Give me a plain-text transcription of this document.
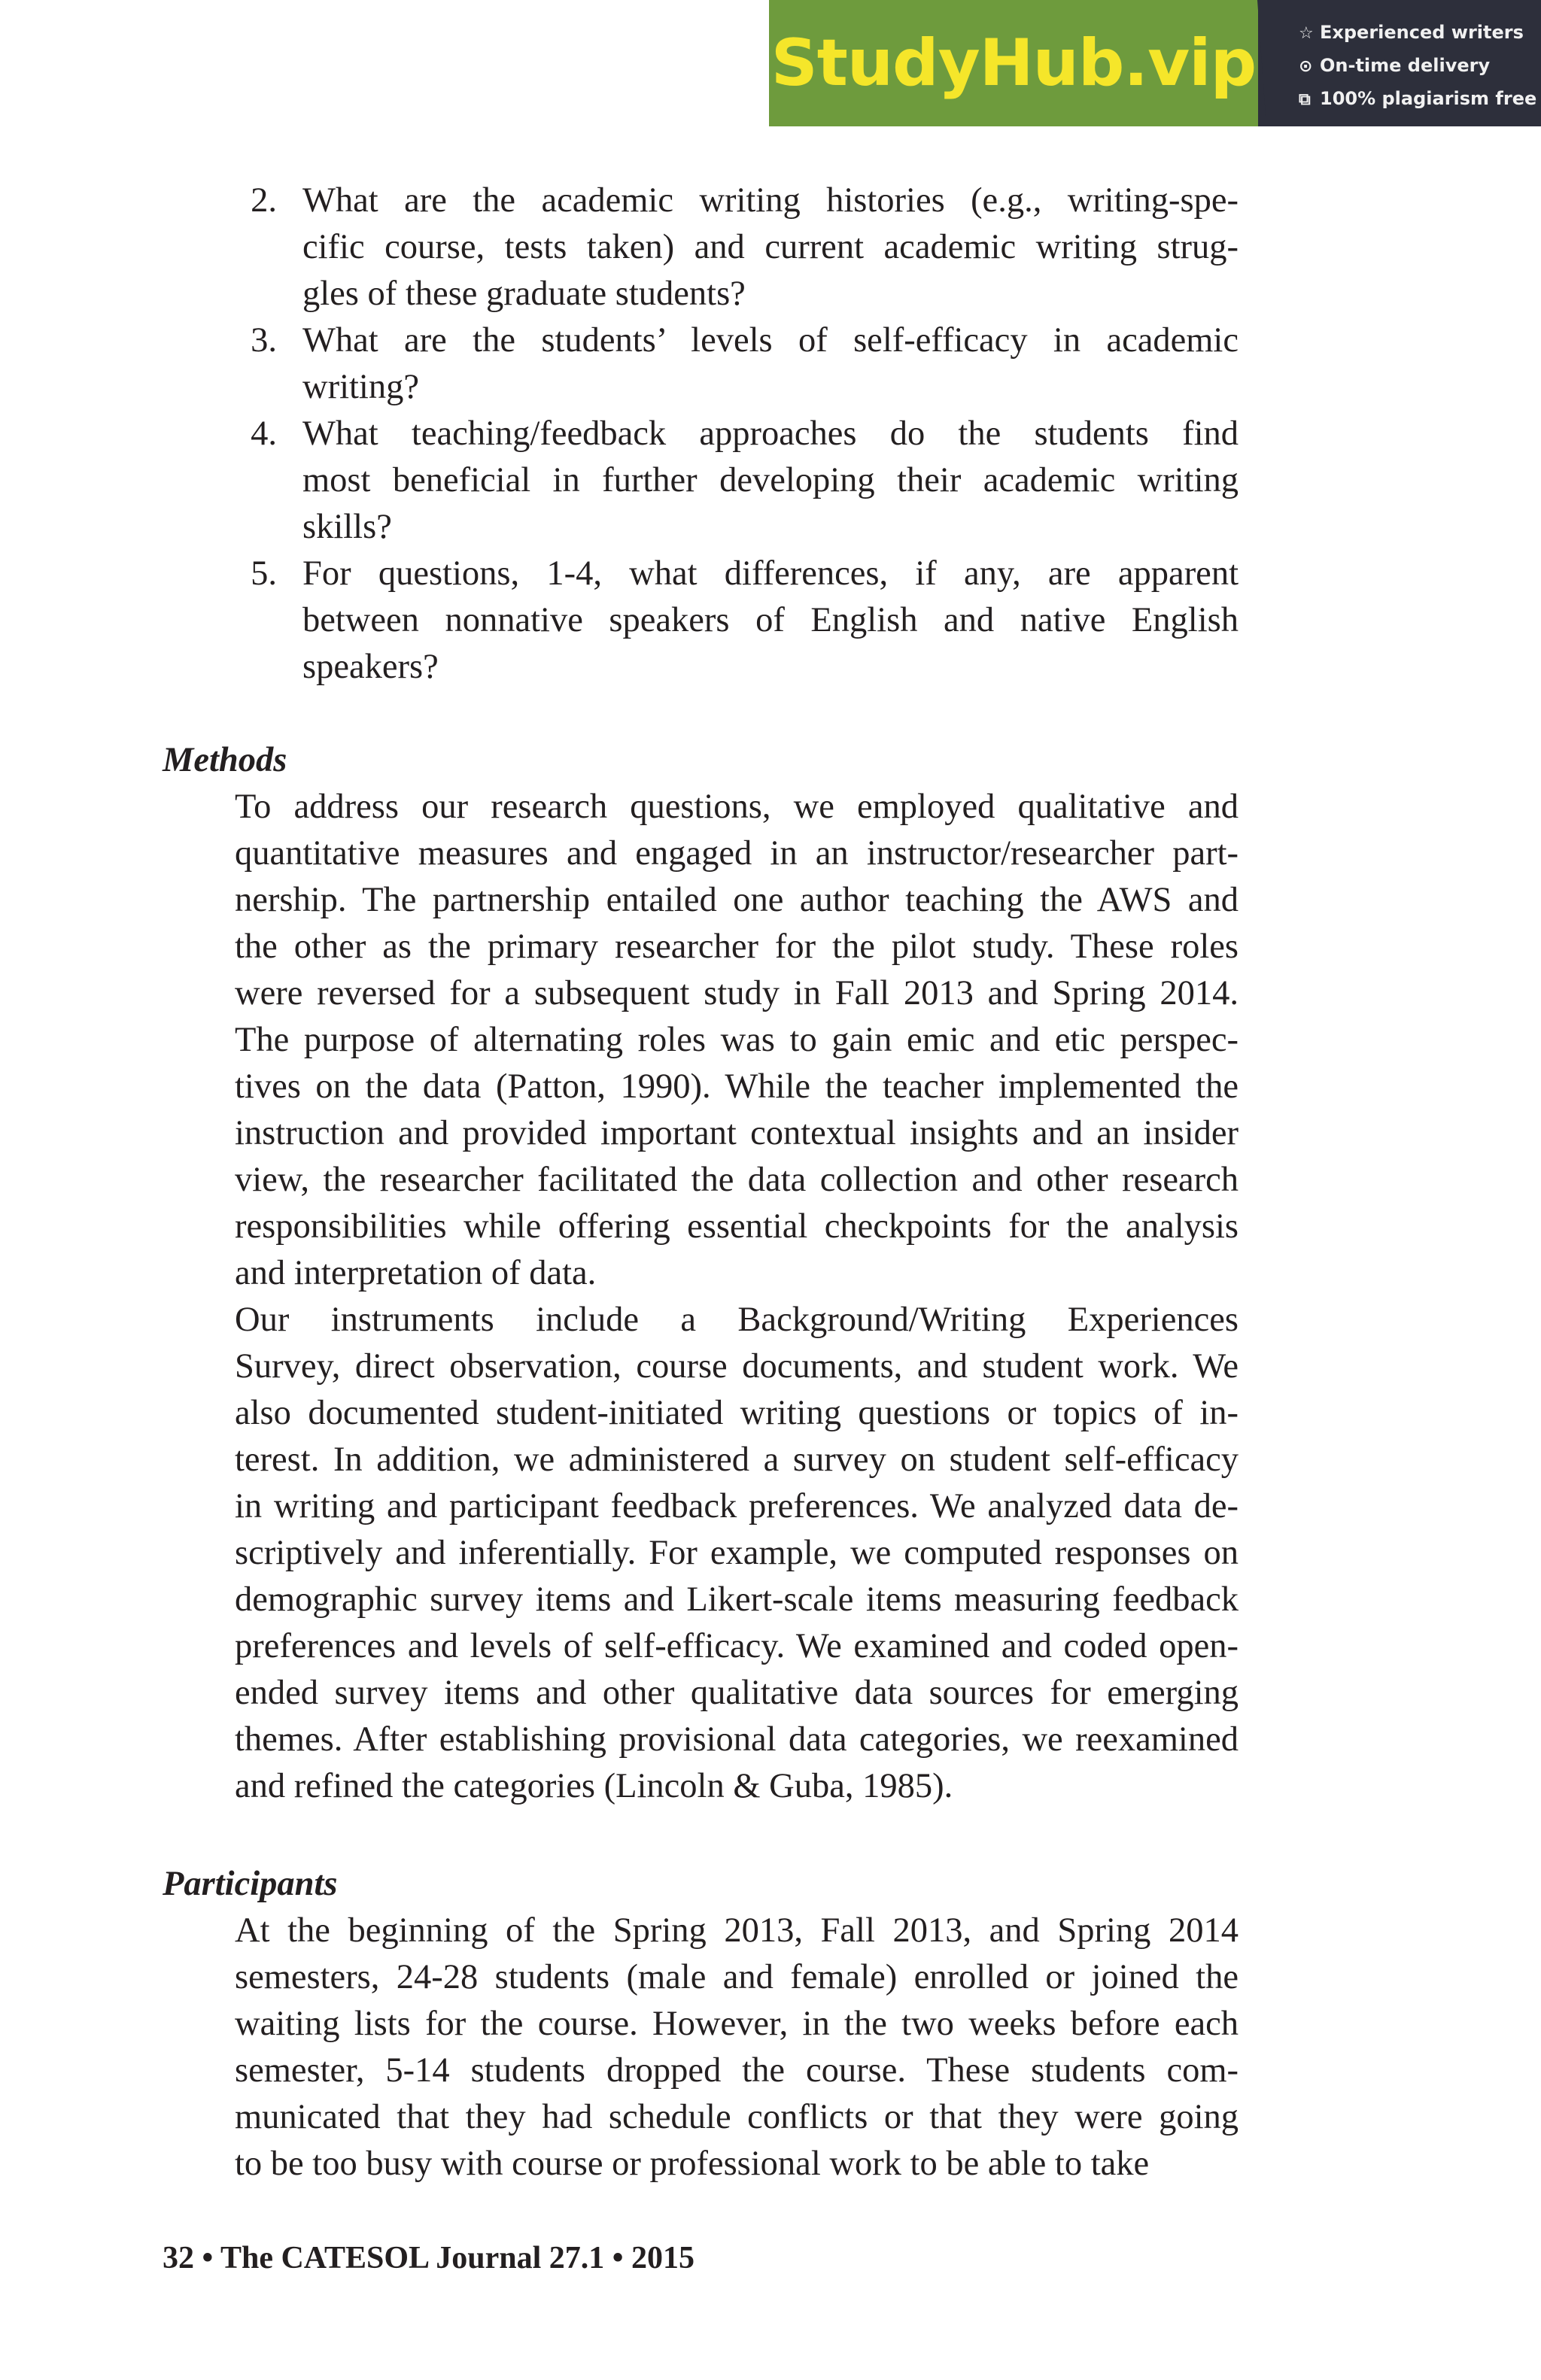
StudyHub.vip	☆ Experienced writers
⊙ On-time delivery
⧉ 100% plagiarism free
2. What are the academic writing histories (e.g., writing-spe-
cific course, tests taken) and current academic writing strug-
gles of these graduate students?
3. What are the students’ levels of self-efficacy in academic
writing?
4. What teaching/feedback approaches do the students find
most beneficial in further developing their academic writing
skills?
5. For questions, 1-4, what differences, if any, are apparent
between nonnative speakers of English and native English
speakers?
Methods
To address our research questions, we employed qualitative and
quantitative measures and engaged in an instructor/researcher part-
nership. The partnership entailed one author teaching the AWS and
the other as the primary researcher for the pilot study. These roles
were reversed for a subsequent study in Fall 2013 and Spring 2014.
The purpose of alternating roles was to gain emic and etic perspec-
tives on the data (Patton, 1990). While the teacher implemented the
instruction and provided important contextual insights and an insider
view, the researcher facilitated the data collection and other research
responsibilities while offering essential checkpoints for the analysis
and interpretation of data.
Our instruments include a Background/Writing Experiences
Survey, direct observation, course documents, and student work. We
also documented student-initiated writing questions or topics of in-
terest. In addition, we administered a survey on student self-efficacy
in writing and participant feedback preferences. We analyzed data de-
scriptively and inferentially. For example, we computed responses on
demographic survey items and Likert-scale items measuring feedback
preferences and levels of self-efficacy. We examined and coded open-
ended survey items and other qualitative data sources for emerging
themes. After establishing provisional data categories, we reexamined
and refined the categories (Lincoln & Guba, 1985).
Participants
At the beginning of the Spring 2013, Fall 2013, and Spring 2014
semesters, 24-28 students (male and female) enrolled or joined the
waiting lists for the course. However, in the two weeks before each
semester, 5-14 students dropped the course. These students com-
municated that they had schedule conflicts or that they were going
to be too busy with course or professional work to be able to take
32 • The CATESOL Journal 27.1 • 2015
